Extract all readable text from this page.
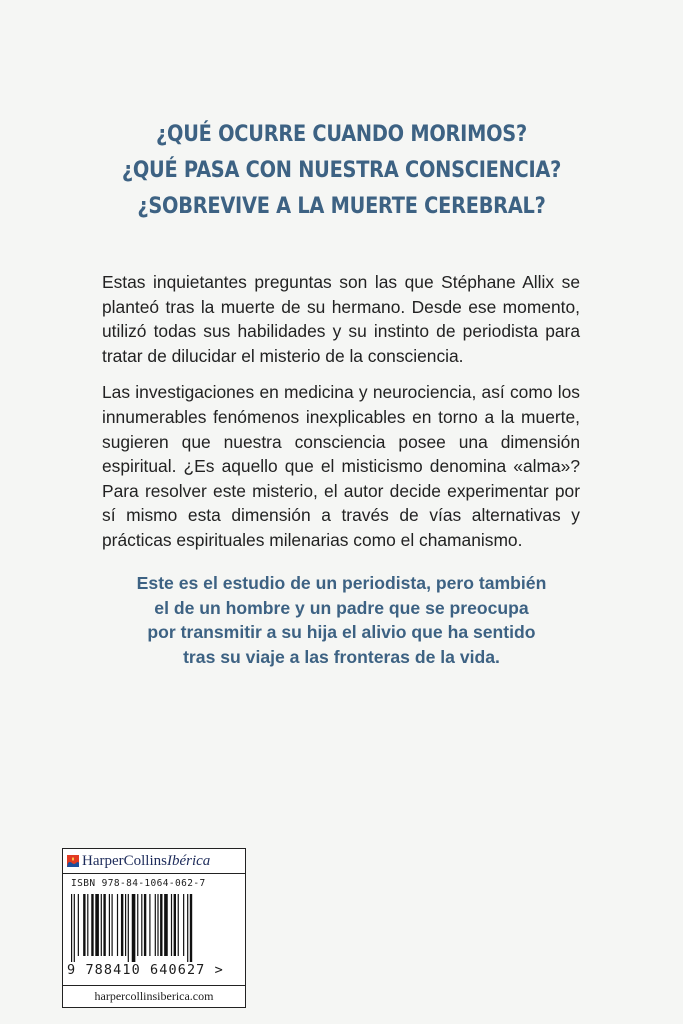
¿QUÉ OCURRE CUANDO MORIMOS?
¿QUÉ PASA CON NUESTRA CONSCIENCIA?
¿SOBREVIVE A LA MUERTE CEREBRAL?

Estas inquietantes preguntas son las que Stéphane Allix se planteó tras la muerte de su hermano. Desde ese momento, utilizó todas sus habilidades y su instinto de periodista para tratar de dilucidar el misterio de la consciencia.

Las investigaciones en medicina y neurociencia, así como los innumerables fenómenos inexplicables en torno a la muerte, sugieren que nuestra consciencia posee una dimensión espiritual. ¿Es aquello que el misticismo denomina «alma»? Para resolver este misterio, el autor decide experimentar por sí mismo esta dimensión a través de vías alternativas y prácticas espirituales milenarias como el chamanismo.

Este es el estudio de un periodista, pero también
el de un hombre y un padre que se preocupa
por transmitir a su hija el alivio que ha sentido
tras su viaje a las fronteras de la vida.
HarperCollins Ibérica
ISBN 978-84-1064-062-7
9 788410 640627 >
harpercollinsiberica.com
